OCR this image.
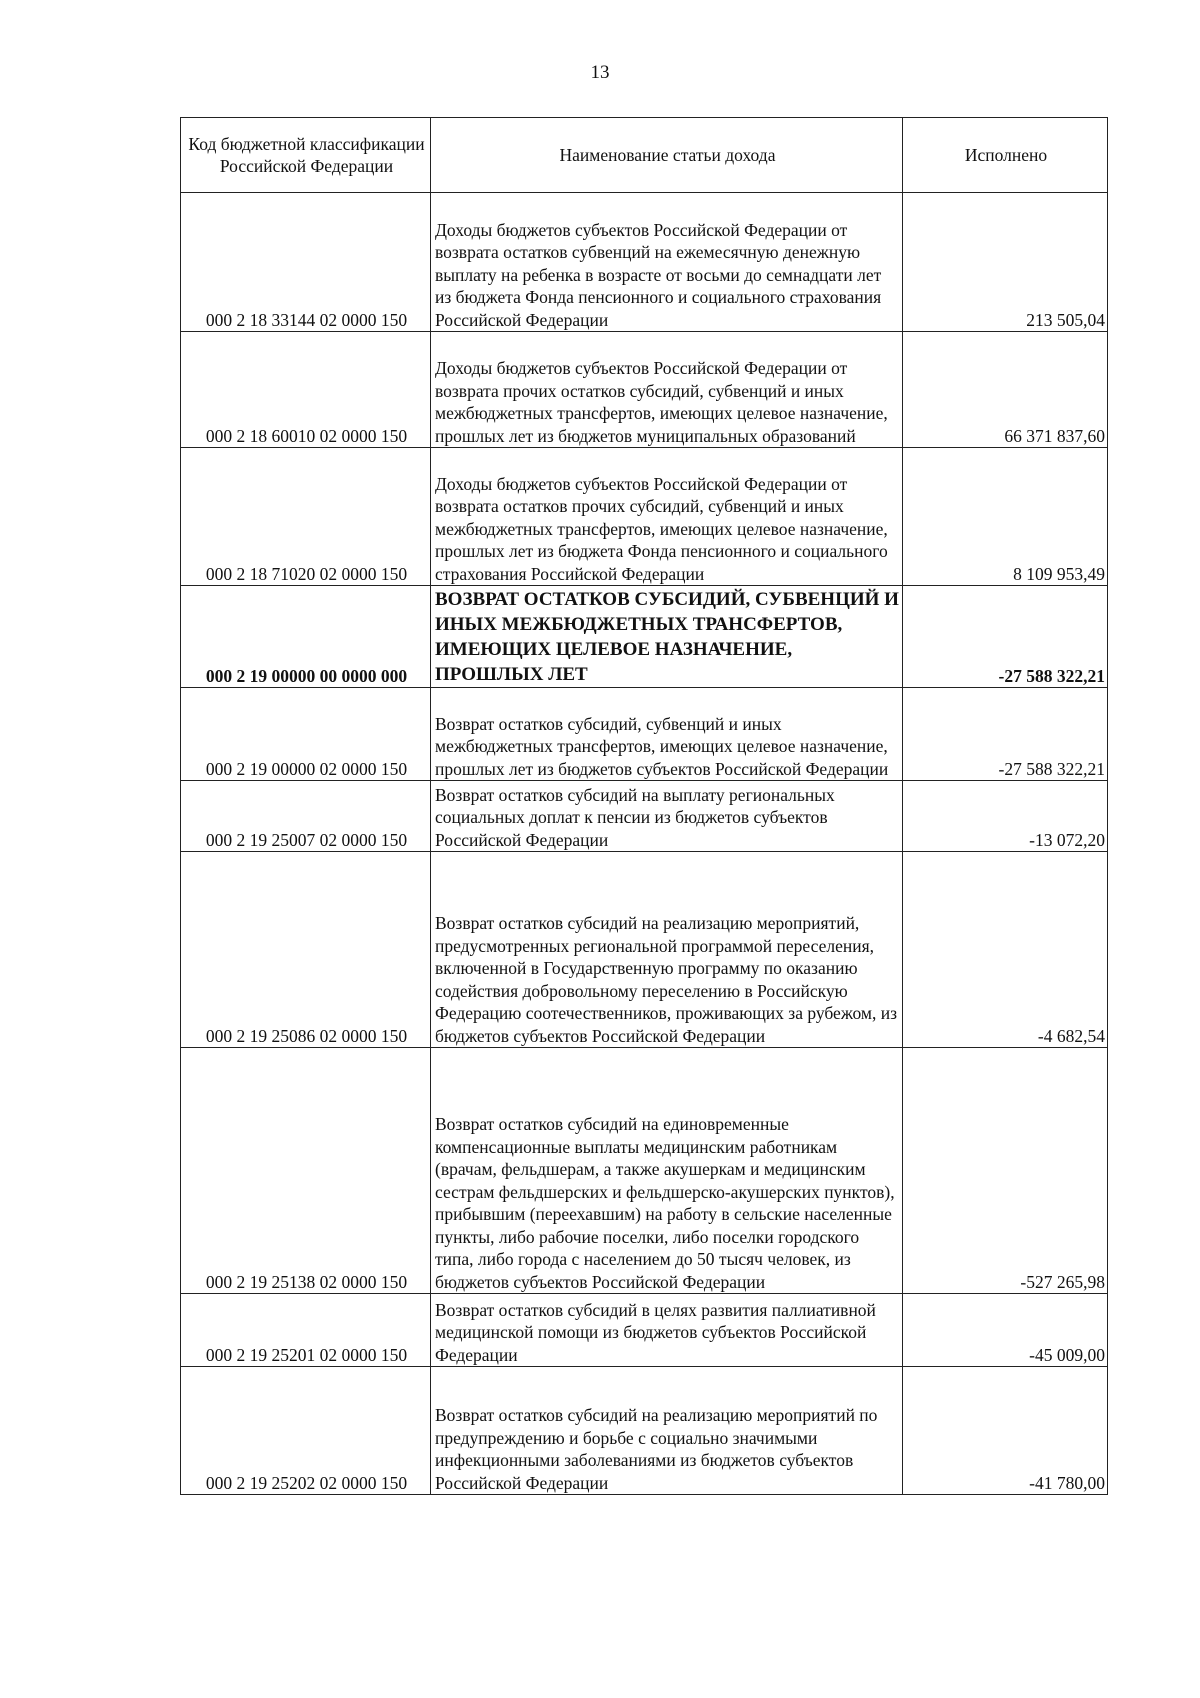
13
Код бюджетной классификации Российской Федерации	Наименование статьи дохода	Исполнено
000 2 18 33144 02 0000 150	Доходы бюджетов субъектов Российской Федерации от возврата остатков субвенций на ежемесячную денежную выплату на ребенка в возрасте от восьми до семнадцати лет из бюджета Фонда пенсионного и социального страхования Российской Федерации	213 505,04
000 2 18 60010 02 0000 150	Доходы бюджетов субъектов Российской Федерации от возврата прочих остатков субсидий, субвенций и иных межбюджетных трансфертов, имеющих целевое назначение, прошлых лет из бюджетов муниципальных образований	66 371 837,60
000 2 18 71020 02 0000 150	Доходы бюджетов субъектов Российской Федерации от возврата остатков прочих субсидий, субвенций и иных межбюджетных трансфертов, имеющих целевое назначение, прошлых лет из бюджета Фонда пенсионного и социального страхования Российской Федерации	8 109 953,49
000 2 19 00000 00 0000 000	ВОЗВРАТ ОСТАТКОВ СУБСИДИЙ, СУБВЕНЦИЙ И ИНЫХ МЕЖБЮДЖЕТНЫХ ТРАНСФЕРТОВ, ИМЕЮЩИХ ЦЕЛЕВОЕ НАЗНАЧЕНИЕ, ПРОШЛЫХ ЛЕТ	-27 588 322,21
000 2 19 00000 02 0000 150	Возврат остатков субсидий, субвенций и иных межбюджетных трансфертов, имеющих целевое назначение, прошлых лет из бюджетов субъектов Российской Федерации	-27 588 322,21
000 2 19 25007 02 0000 150	Возврат остатков субсидий на выплату региональных социальных доплат к пенсии из бюджетов субъектов Российской Федерации	-13 072,20
000 2 19 25086 02 0000 150	Возврат остатков субсидий на реализацию мероприятий, предусмотренных региональной программой переселения, включенной в Государственную программу по оказанию содействия добровольному переселению в Российскую Федерацию соотечественников, проживающих за рубежом, из бюджетов субъектов Российской Федерации	-4 682,54
000 2 19 25138 02 0000 150	Возврат остатков субсидий на единовременные компенсационные выплаты медицинским работникам (врачам, фельдшерам, а также акушеркам и медицинским сестрам фельдшерских и фельдшерско-акушерских пунктов), прибывшим (переехавшим) на работу в сельские населенные пункты, либо рабочие поселки, либо поселки городского типа, либо города с населением до 50 тысяч человек, из бюджетов субъектов Российской Федерации	-527 265,98
000 2 19 25201 02 0000 150	Возврат остатков субсидий в целях развития паллиативной медицинской помощи из бюджетов субъектов Российской Федерации	-45 009,00
000 2 19 25202 02 0000 150	Возврат остатков субсидий на реализацию мероприятий по предупреждению и борьбе с социально значимыми инфекционными заболеваниями из бюджетов субъектов Российской Федерации	-41 780,00
